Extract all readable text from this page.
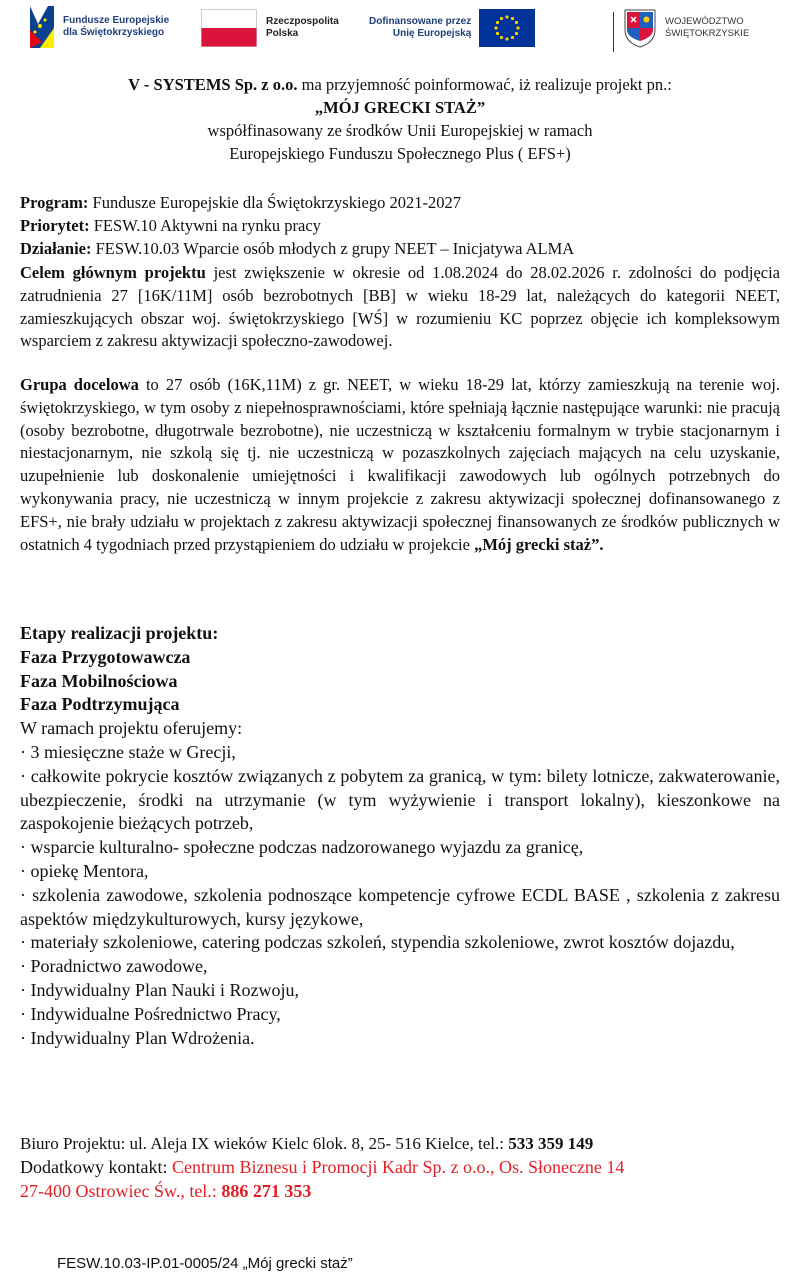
Fundusze Europejskie
dla Świętokrzyskiego
Rzeczpospolita
Polska
Dofinansowane przez
Unię Europejską
WOJEWÓDZTWO
ŚWIĘTOKRZYSKIE
V - SYSTEMS Sp. z o.o. ma przyjemność poinformować, iż realizuje projekt pn.:
„MÓJ GRECKI STAŻ”
współfinasowany ze środków Unii Europejskiej w ramach
Europejskiego Funduszu Społecznego Plus ( EFS+)

Program: Fundusze Europejskie dla Świętokrzyskiego 2021-2027

Priorytet: FESW.10 Aktywni na rynku pracy

Działanie: FESW.10.03 Wparcie osób młodych z grupy NEET – Inicjatywa ALMA

Celem głównym projektu jest zwiększenie w okresie od 1.08.2024 do 28.02.2026 r. zdolności do podjęcia zatrudnienia 27 [16K/11M] osób bezrobotnych [BB] w wieku 18-29 lat, należących do kategorii NEET, zamieszkujących obszar woj. świętokrzyskiego [WŚ] w rozumieniu KC poprzez objęcie ich kompleksowym wsparciem z zakresu aktywizacji społeczno-zawodowej.
Grupa docelowa to 27 osób (16K,11M) z gr. NEET, w wieku 18-29 lat, którzy zamieszkują na terenie woj. świętokrzyskiego, w tym osoby z niepełnosprawnościami, które spełniają łącznie następujące warunki: nie pracują (osoby bezrobotne, długotrwale bezrobotne), nie uczestniczą w kształceniu formalnym w trybie stacjonarnym i niestacjonarnym, nie szkolą się tj. nie uczestniczą w pozaszkolnych zajęciach mających na celu uzyskanie, uzupełnienie lub doskonalenie umiejętności i kwalifikacji zawodowych lub ogólnych potrzebnych do wykonywania pracy, nie uczestniczą w innym projekcie z zakresu aktywizacji społecznej dofinansowanego z EFS+, nie brały udziału w projektach z zakresu aktywizacji społecznej finansowanych ze środków publicznych w ostatnich 4 tygodniach przed przystąpieniem do udziału w projekcie „Mój grecki staż”.

Etapy realizacji projektu:

Faza Przygotowawcza

Faza Mobilnościowa

Faza Podtrzymująca

W ramach projektu oferujemy:

· 3 miesięczne staże w Grecji,

· całkowite pokrycie kosztów związanych z pobytem za granicą, w tym: bilety lotnicze, zakwaterowanie, ubezpieczenie, środki na utrzymanie (w tym wyżywienie i transport lokalny), kieszonkowe na zaspokojenie bieżących potrzeb,

· wsparcie kulturalno- społeczne podczas nadzorowanego wyjazdu za granicę,

· opiekę Mentora,

· szkolenia zawodowe, szkolenia podnoszące kompetencje cyfrowe ECDL BASE , szkolenia z zakresu aspektów międzykulturowych, kursy językowe,

· materiały szkoleniowe, catering podczas szkoleń, stypendia szkoleniowe, zwrot kosztów dojazdu,

· Poradnictwo zawodowe,

· Indywidualny Plan Nauki i Rozwoju,

· Indywidualne Pośrednictwo Pracy,

· Indywidualny Plan Wdrożenia.

Biuro Projektu: ul. Aleja IX wieków Kielc 6lok. 8, 25- 516 Kielce, tel.: 533 359 149

Dodatkowy kontakt: Centrum Biznesu i Promocji Kadr Sp. z o.o., Os. Słoneczne 14

27-400 Ostrowiec Św., tel.: 886 271 353

FESW.10.03-IP.01-0005/24 „Mój grecki staż”
